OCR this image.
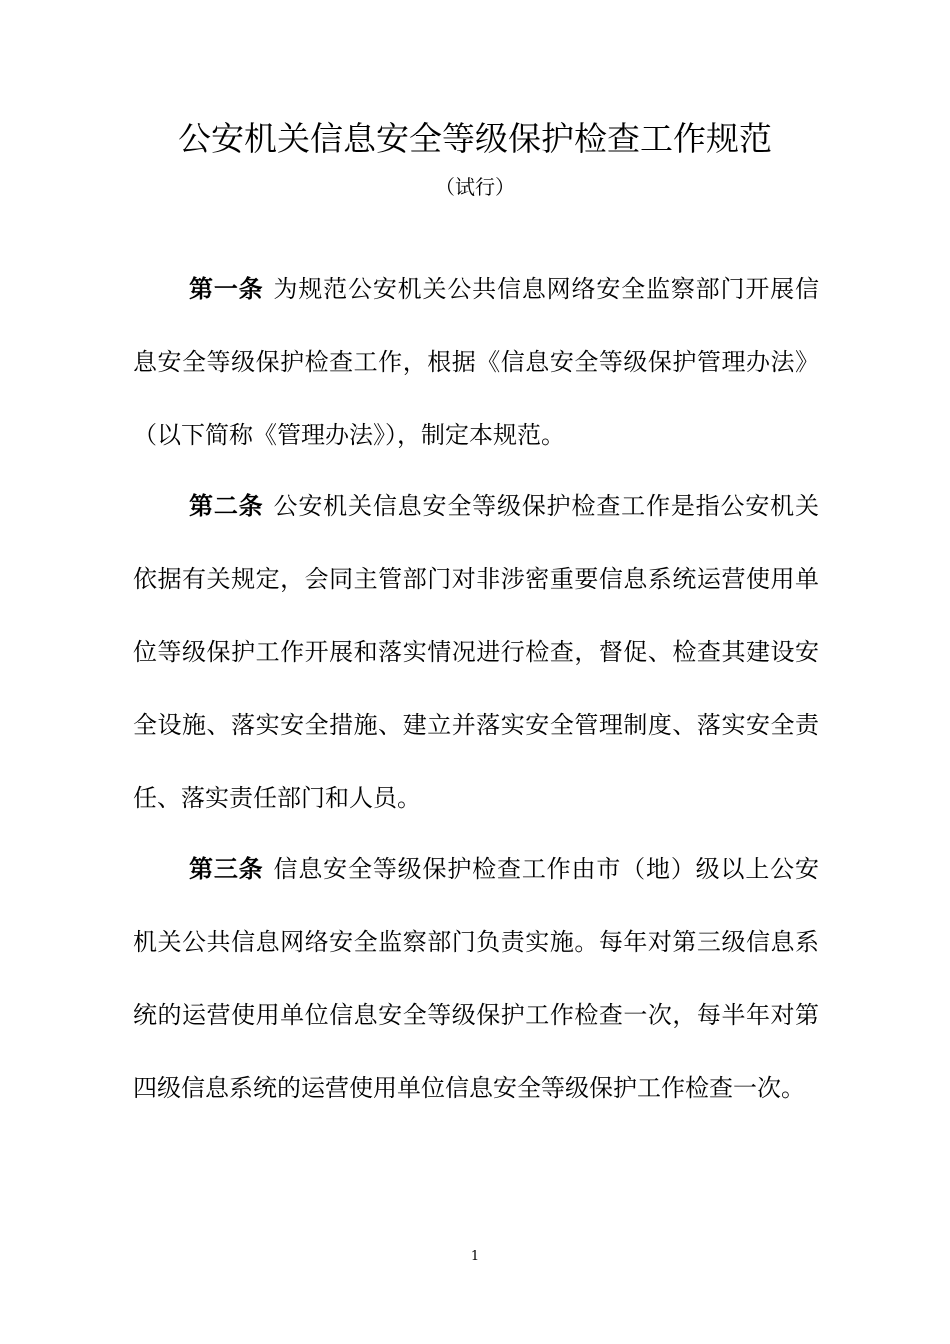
公安机关信息安全等级保护检查工作规范
（试行）

第一条 为规范公安机关公共信息网络安全监察部门开展信息安全等级保护检查工作，根据《信息安全等级保护管理办法》（以下简称《管理办法》），制定本规范。

第二条 公安机关信息安全等级保护检查工作是指公安机关依据有关规定，会同主管部门对非涉密重要信息系统运营使用单位等级保护工作开展和落实情况进行检查，督促、检查其建设安全设施、落实安全措施、建立并落实安全管理制度、落实安全责任、落实责任部门和人员。

第三条 信息安全等级保护检查工作由市（地）级以上公安机关公共信息网络安全监察部门负责实施。每年对第三级信息系统的运营使用单位信息安全等级保护工作检查一次，每半年对第四级信息系统的运营使用单位信息安全等级保护工作检查一次。

1
